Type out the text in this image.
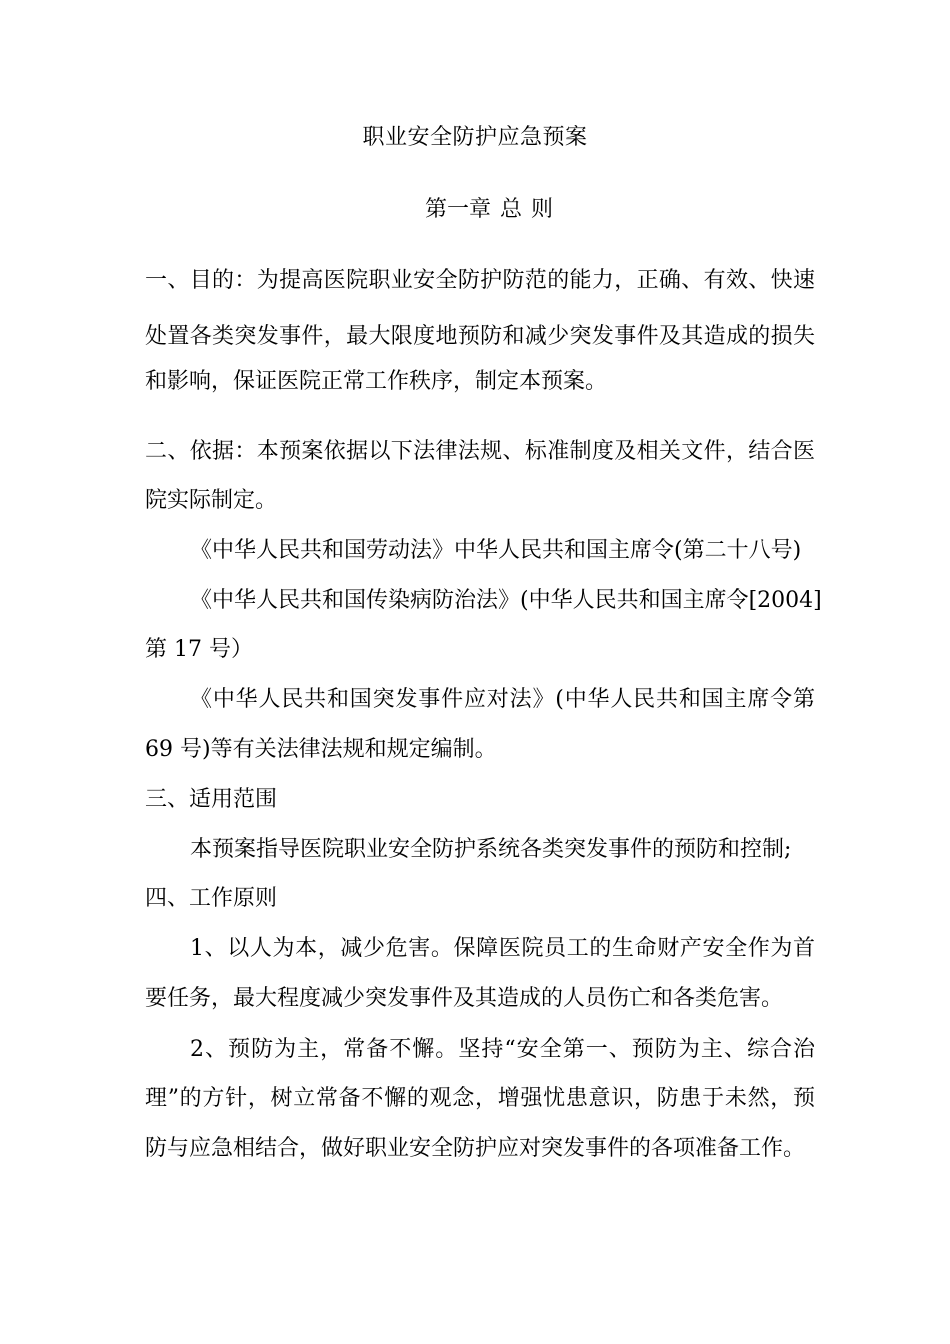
职业安全防护应急预案
第一章 总 则
一、目的：为提高医院职业安全防护防范的能力，正确、有效、快速
处置各类突发事件，最大限度地预防和减少突发事件及其造成的损失
和影响，保证医院正常工作秩序，制定本预案。
二、依据：本预案依据以下法律法规、标准制度及相关文件，结合医
院实际制定。
《中华人民共和国劳动法》中华人民共和国主席令(第二十八号)
《中华人民共和国传染病防治法》(中华人民共和国主席令[2004]
第 17 号）
《中华人民共和国突发事件应对法》(中华人民共和国主席令第
69 号)等有关法律法规和规定编制。
三、适用范围
本预案指导医院职业安全防护系统各类突发事件的预防和控制;
四、工作原则
1、以人为本，减少危害。保障医院员工的生命财产安全作为首
要任务，最大程度减少突发事件及其造成的人员伤亡和各类危害。
2、预防为主，常备不懈。坚持“安全第一、预防为主、综合治
理”的方针，树立常备不懈的观念，增强忧患意识，防患于未然，预
防与应急相结合，做好职业安全防护应对突发事件的各项准备工作。
